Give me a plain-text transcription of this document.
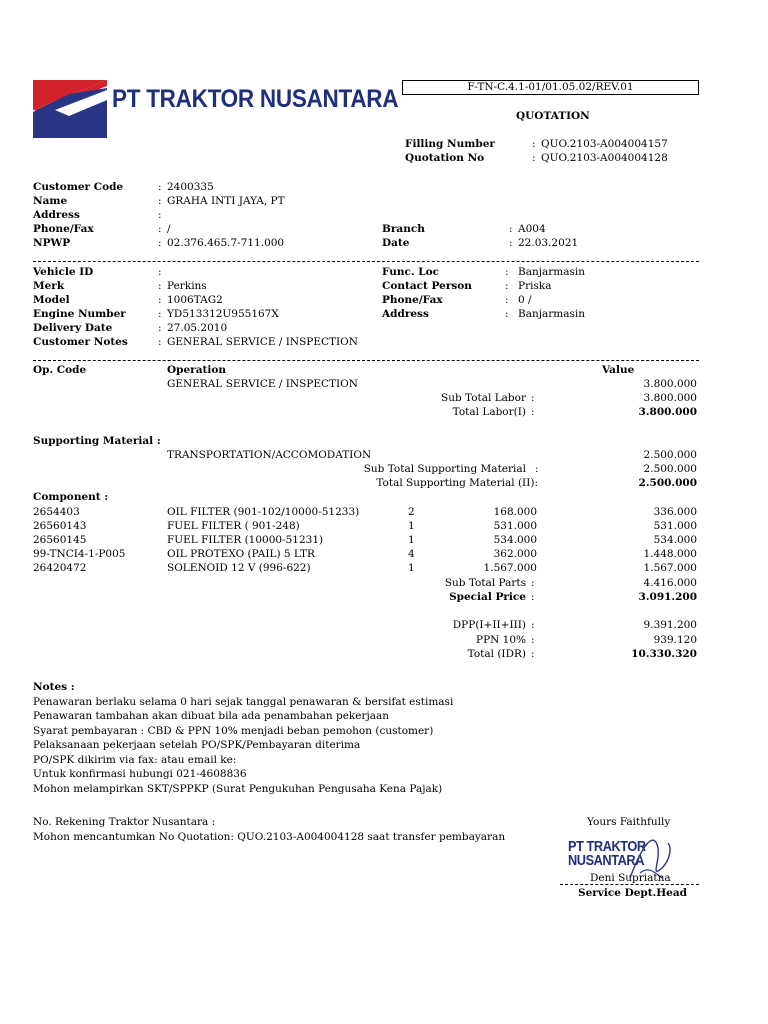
PT TRAKTOR NUSANTARA	F-TN-C.4.1-01/01.05.02/REV.01
QUOTATION
Filling Number	: QUO.2103-A004004157
Quotation No	: QUO.2103-A004004128
Customer Code	: 2400335
Name	: GRAHA INTI JAYA, PT
Address	:
Phone/Fax	: /
NPWP	: 02.376.465.7-711.000
Branch	: A004
Date	: 22.03.2021
Vehicle ID	:
Merk	: Perkins
Model	: 1006TAG2
Engine Number	: YD513312U955167X
Delivery Date	: 27.05.2010
Customer Notes	: GENERAL SERVICE / INSPECTION
Func. Loc	: Banjarmasin
Contact Person	: Priska
Phone/Fax	: 0 /
Address	: Banjarmasin
Op. Code	Operation	Value
GENERAL SERVICE / INSPECTION	3.800.000
Sub Total Labor :	3.800.000
Total Labor(I) :	3.800.000
Supporting Material :
TRANSPORTATION/ACCOMODATION	2.500.000
Sub Total Supporting Material :	2.500.000
Total Supporting Material (II):	2.500.000
Component :
2654403	OIL FILTER (901-102/10000-51233)	2	168.000	336.000
26560143	FUEL FILTER ( 901-248)	1	531.000	531.000
26560145	FUEL FILTER (10000-51231)	1	534.000	534.000
99-TNCI4-1-P005	OIL PROTEXO (PAIL) 5 LTR	4	362.000	1.448.000
26420472	SOLENOID 12 V (996-622)	1	1.567.000	1.567.000
Sub Total Parts :	4.416.000
Special Price :	3.091.200
DPP(I+II+III) :	9.391.200
PPN 10% :	939.120
Total (IDR) :	10.330.320
Notes :
Penawaran berlaku selama 0 hari sejak tanggal penawaran & bersifat estimasi
Penawaran tambahan akan dibuat bila ada penambahan pekerjaan
Syarat pembayaran : CBD & PPN 10% menjadi beban pemohon (customer)
Pelaksanaan pekerjaan setelah PO/SPK/Pembayaran diterima
PO/SPK dikirim via fax: atau email ke:
Untuk konfirmasi hubungi 021-4608836
Mohon melampirkan SKT/SPPKP (Surat Pengukuhan Pengusaha Kena Pajak)
No. Rekening Traktor Nusantara :
Mohon mencantumkan No Quotation: QUO.2103-A004004128 saat transfer pembayaran
Yours Faithfully
PT TRAKTOR NUSANTARA
Deni Supriatna
Service Dept.Head
